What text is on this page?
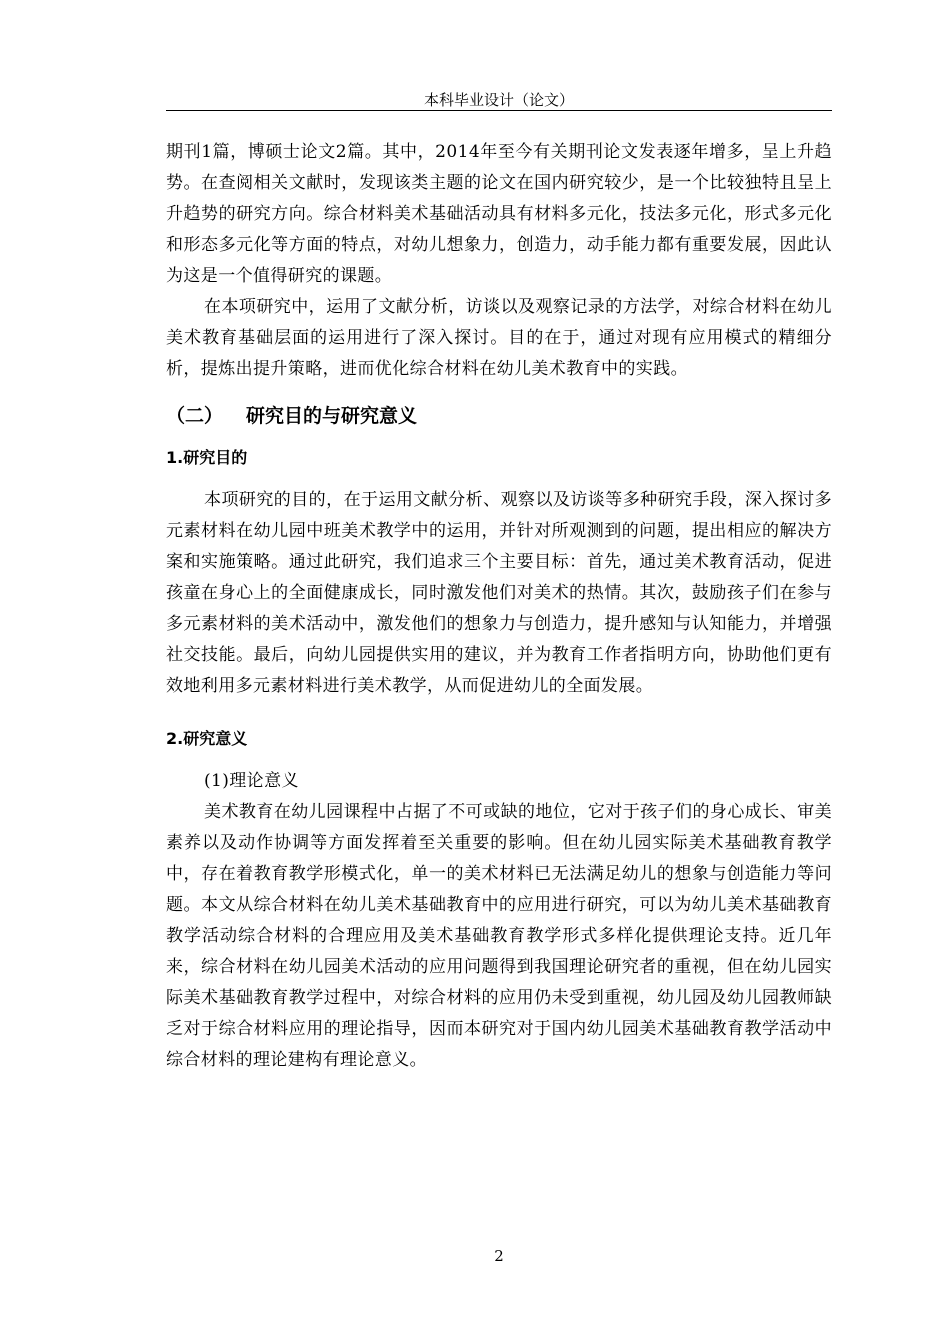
本科毕业设计（论文）

期刊1篇，博硕士论文2篇。其中，2014年至今有关期刊论文发表逐年增多，呈上升趋势。在查阅相关文献时，发现该类主题的论文在国内研究较少，是一个比较独特且呈上升趋势的研究方向。综合材料美术基础活动具有材料多元化，技法多元化，形式多元化和形态多元化等方面的特点，对幼儿想象力，创造力，动手能力都有重要发展，因此认为这是一个值得研究的课题。

在本项研究中，运用了文献分析，访谈以及观察记录的方法学，对综合材料在幼儿美术教育基础层面的运用进行了深入探讨。目的在于，通过对现有应用模式的精细分析，提炼出提升策略，进而优化综合材料在幼儿美术教育中的实践。

（二） 研究目的与研究意义
1.研究目的

本项研究的目的，在于运用文献分析、观察以及访谈等多种研究手段，深入探讨多元素材料在幼儿园中班美术教学中的运用，并针对所观测到的问题，提出相应的解决方案和实施策略。通过此研究，我们追求三个主要目标：首先，通过美术教育活动，促进孩童在身心上的全面健康成长，同时激发他们对美术的热情。其次，鼓励孩子们在参与多元素材料的美术活动中，激发他们的想象力与创造力，提升感知与认知能力，并增强社交技能。最后，向幼儿园提供实用的建议，并为教育工作者指明方向，协助他们更有效地利用多元素材料进行美术教学，从而促进幼儿的全面发展。

2.研究意义

(1)理论意义

美术教育在幼儿园课程中占据了不可或缺的地位，它对于孩子们的身心成长、审美素养以及动作协调等方面发挥着至关重要的影响。但在幼儿园实际美术基础教育教学中，存在着教育教学形模式化，单一的美术材料已无法满足幼儿的想象与创造能力等问题。本文从综合材料在幼儿美术基础教育中的应用进行研究，可以为幼儿美术基础教育教学活动综合材料的合理应用及美术基础教育教学形式多样化提供理论支持。近几年来，综合材料在幼儿园美术活动的应用问题得到我国理论研究者的重视，但在幼儿园实际美术基础教育教学过程中，对综合材料的应用仍未受到重视，幼儿园及幼儿园教师缺乏对于综合材料应用的理论指导，因而本研究对于国内幼儿园美术基础教育教学活动中综合材料的理论建构有理论意义。

2
